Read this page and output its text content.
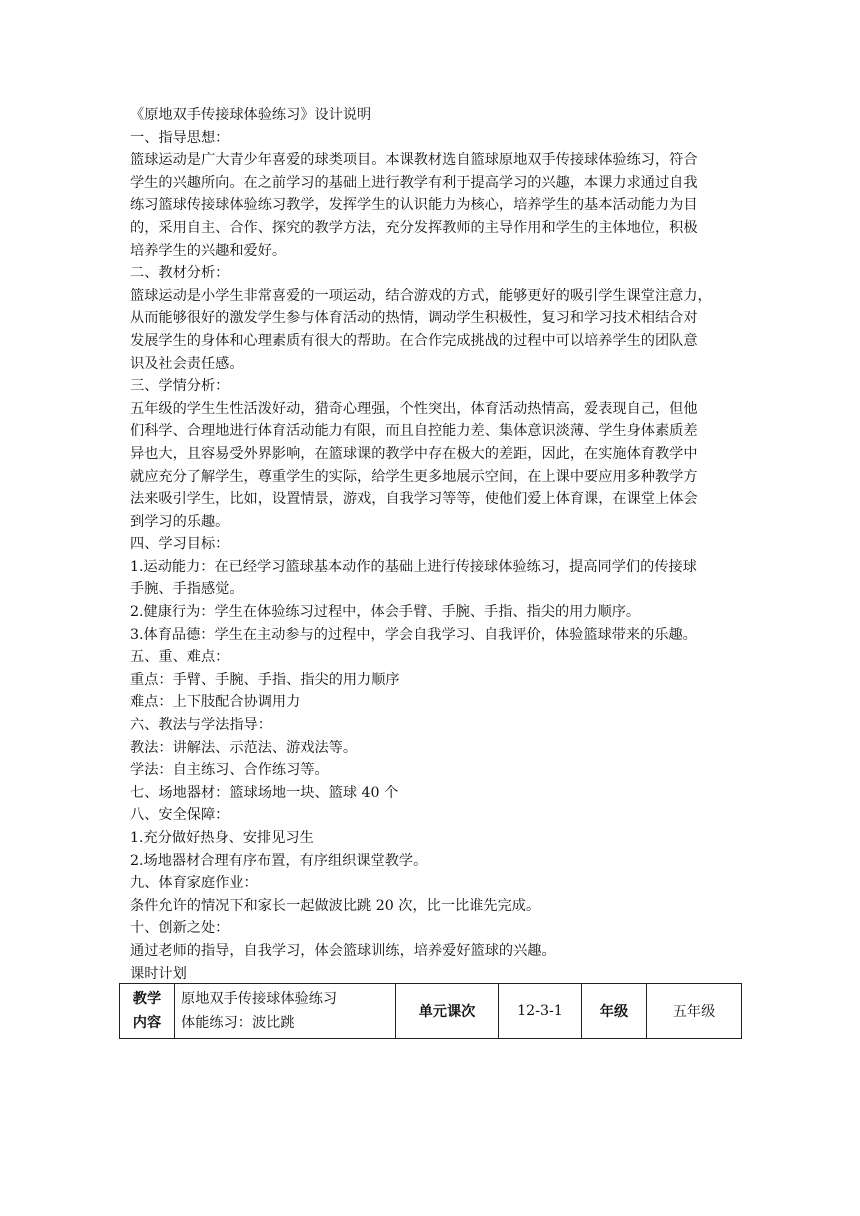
《原地双手传接球体验练习》设计说明

一、指导思想：

篮球运动是广大青少年喜爱的球类项目。本课教材选自篮球原地双手传接球体验练习，符合

学生的兴趣所向。在之前学习的基础上进行教学有利于提高学习的兴趣，本课力求通过自我

练习篮球传接球体验练习教学，发挥学生的认识能力为核心，培养学生的基本活动能力为目

的，采用自主、合作、探究的教学方法，充分发挥教师的主导作用和学生的主体地位，积极

培养学生的兴趣和爱好。

二、教材分析：

篮球运动是小学生非常喜爱的一项运动，结合游戏的方式，能够更好的吸引学生课堂注意力，

从而能够很好的激发学生参与体育活动的热情，调动学生积极性，复习和学习技术相结合对

发展学生的身体和心理素质有很大的帮助。在合作完成挑战的过程中可以培养学生的团队意

识及社会责任感。

三、学情分析：

五年级的学生生性活泼好动，猎奇心理强，个性突出，体育活动热情高，爱表现自己，但他

们科学、合理地进行体育活动能力有限，而且自控能力差、集体意识淡薄、学生身体素质差

异也大，且容易受外界影响，在篮球课的教学中存在极大的差距，因此，在实施体育教学中

就应充分了解学生，尊重学生的实际，给学生更多地展示空间，在上课中要应用多种教学方

法来吸引学生，比如，设置情景，游戏，自我学习等等，使他们爱上体育课，在课堂上体会

到学习的乐趣。

四、学习目标：

1.运动能力：在已经学习篮球基本动作的基础上进行传接球体验练习，提高同学们的传接球

手腕、手指感觉。

2.健康行为：学生在体验练习过程中，体会手臂、手腕、手指、指尖的用力顺序。

3.体育品德：学生在主动参与的过程中，学会自我学习、自我评价，体验篮球带来的乐趣。

五、重、难点：

重点：手臂、手腕、手指、指尖的用力顺序

难点：上下肢配合协调用力

六、教法与学法指导：

教法：讲解法、示范法、游戏法等。

学法：自主练习、合作练习等。

七、场地器材：篮球场地一块、篮球 40 个

八、安全保障：

1.充分做好热身、安排见习生

2.场地器材合理有序布置，有序组织课堂教学。

九、体育家庭作业：

条件允许的情况下和家长一起做波比跳 20 次，比一比谁先完成。

十、创新之处：

通过老师的指导，自我学习，体会篮球训练，培养爱好篮球的兴趣。

课时计划

教学
内容

原地双手传接球体验练习
体能练习：波比跳
	单元课次	12-3-1	年级	五年级
